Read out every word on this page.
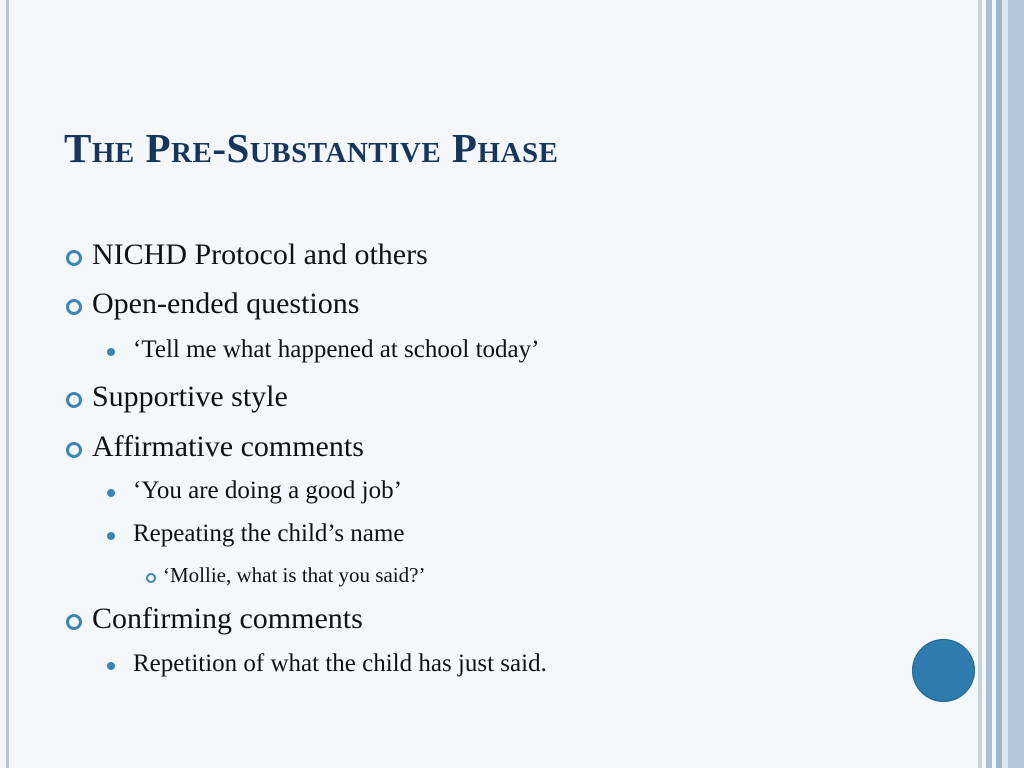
The Pre-Substantive Phase
NICHD Protocol and others
Open-ended questions
‘Tell me what happened at school today’
Supportive style
Affirmative comments
‘You are doing a good job’
Repeating the child’s name
‘Mollie, what is that you said?’
Confirming comments
Repetition of what the child has just said.
